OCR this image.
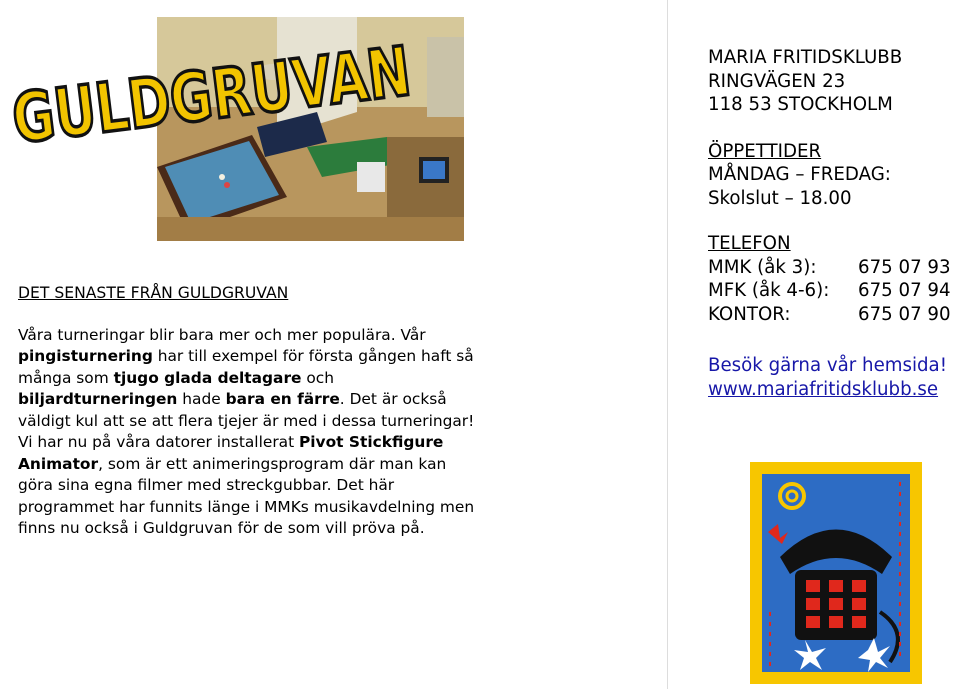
GULDGRUVAN
DET SENASTE FRÅN GULDGRUVAN

Våra turneringar blir bara mer och mer populära. Vår pingisturnering har till exempel för första gången haft så många som tjugo glada deltagare och biljardturneringen hade bara en färre. Det är också väldigt kul att se att flera tjejer är med i dessa turneringar!

Vi har nu på våra datorer installerat Pivot Stickfigure Animator, som är ett animeringsprogram där man kan göra sina egna filmer med streckgubbar. Det här programmet har funnits länge i MMKs musikavdelning men finns nu också i Guldgruvan för de som vill pröva på.

MARIA FRITIDSKLUBB
RINGVÄGEN 23
118 53 STOCKHOLM
ÖPPETTIDER
MÅNDAG – FREDAG:
Skolslut – 18.00
TELEFON
MMK (åk 3):	675 07 93
MFK (åk 4-6):	675 07 94
KONTOR:	675 07 90
Besök gärna vår hemsida!
www.mariafritidsklubb.se
